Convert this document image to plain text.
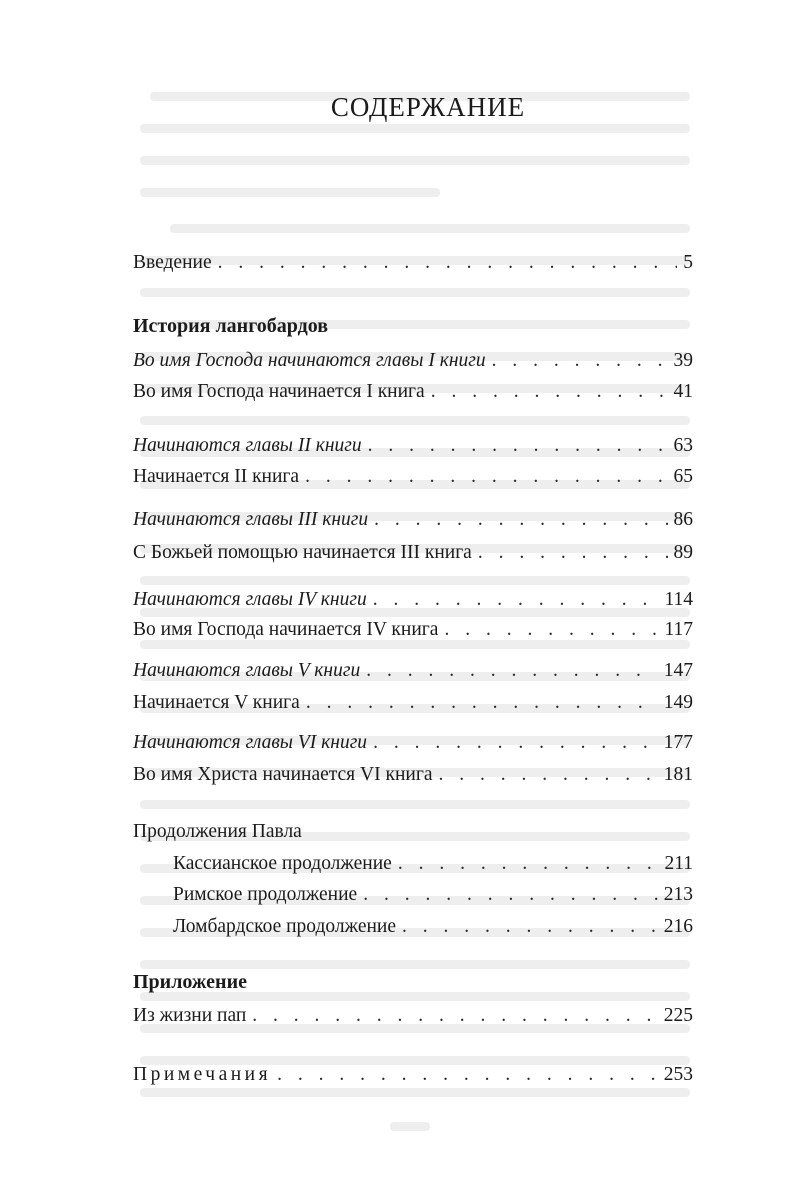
СОДЕРЖАНИЕ
Введение . . .	5
История лангобардов
Во имя Господа начинаются главы I книги . . .	39
Во имя Господа начинается I книга . . .	41
Начинаются главы II книги . . .	63
Начинается II книга . . .	65
Начинаются главы III книги . . .	86
С Божьей помощью начинается III книга . . .	89
Начинаются главы IV книги . . .	114
Во имя Господа начинается IV книга . . .	117
Начинаются главы V книги . . .	147
Начинается V книга . . .	149
Начинаются главы VI книги . . .	177
Во имя Христа начинается VI книга . . .	181
Продолжения Павла
Кассианское продолжение . . .	211
Римское продолжение . . .	213
Ломбардское продолжение . . .	216
Приложение
Из жизни пап . . .	225
Примечания . . .	253
